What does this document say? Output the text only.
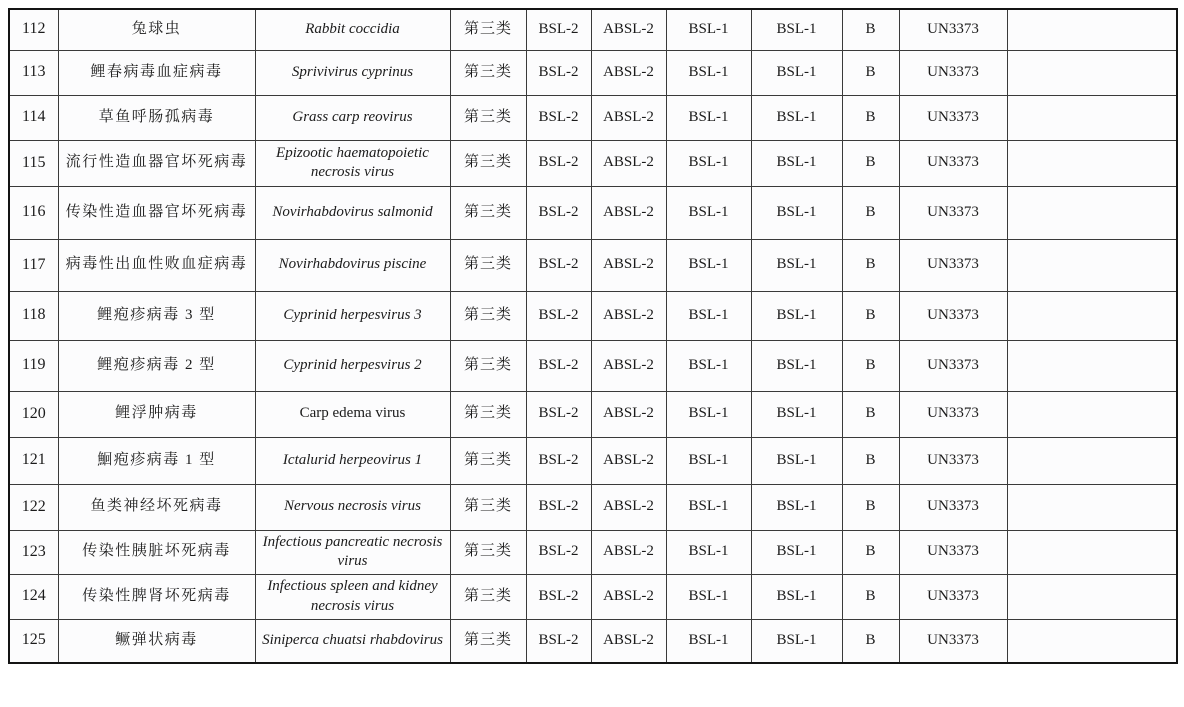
112	兔球虫	Rabbit coccidia	第三类	BSL-2	ABSL-2	BSL-1	BSL-1	B	UN3373	
113	鲤春病毒血症病毒	Sprivivirus cyprinus	第三类	BSL-2	ABSL-2	BSL-1	BSL-1	B	UN3373	
114	草鱼呼肠孤病毒	Grass carp reovirus	第三类	BSL-2	ABSL-2	BSL-1	BSL-1	B	UN3373	
115	流行性造血器官坏死病毒	Epizootic haematopoietic necrosis virus	第三类	BSL-2	ABSL-2	BSL-1	BSL-1	B	UN3373	
116	传染性造血器官坏死病毒	Novirhabdovirus salmonid	第三类	BSL-2	ABSL-2	BSL-1	BSL-1	B	UN3373	
117	病毒性出血性败血症病毒	Novirhabdovirus piscine	第三类	BSL-2	ABSL-2	BSL-1	BSL-1	B	UN3373	
118	鲤疱疹病毒 3 型	Cyprinid herpesvirus 3	第三类	BSL-2	ABSL-2	BSL-1	BSL-1	B	UN3373	
119	鲤疱疹病毒 2 型	Cyprinid herpesvirus 2	第三类	BSL-2	ABSL-2	BSL-1	BSL-1	B	UN3373	
120	鲤浮肿病毒	Carp edema virus	第三类	BSL-2	ABSL-2	BSL-1	BSL-1	B	UN3373	
121	鮰疱疹病毒 1 型	Ictalurid herpeovirus 1	第三类	BSL-2	ABSL-2	BSL-1	BSL-1	B	UN3373	
122	鱼类神经坏死病毒	Nervous necrosis virus	第三类	BSL-2	ABSL-2	BSL-1	BSL-1	B	UN3373	
123	传染性胰脏坏死病毒	Infectious pancreatic necrosis virus	第三类	BSL-2	ABSL-2	BSL-1	BSL-1	B	UN3373	
124	传染性脾肾坏死病毒	Infectious spleen and kidney necrosis virus	第三类	BSL-2	ABSL-2	BSL-1	BSL-1	B	UN3373	
125	鳜弹状病毒	Siniperca chuatsi rhabdovirus	第三类	BSL-2	ABSL-2	BSL-1	BSL-1	B	UN3373	
